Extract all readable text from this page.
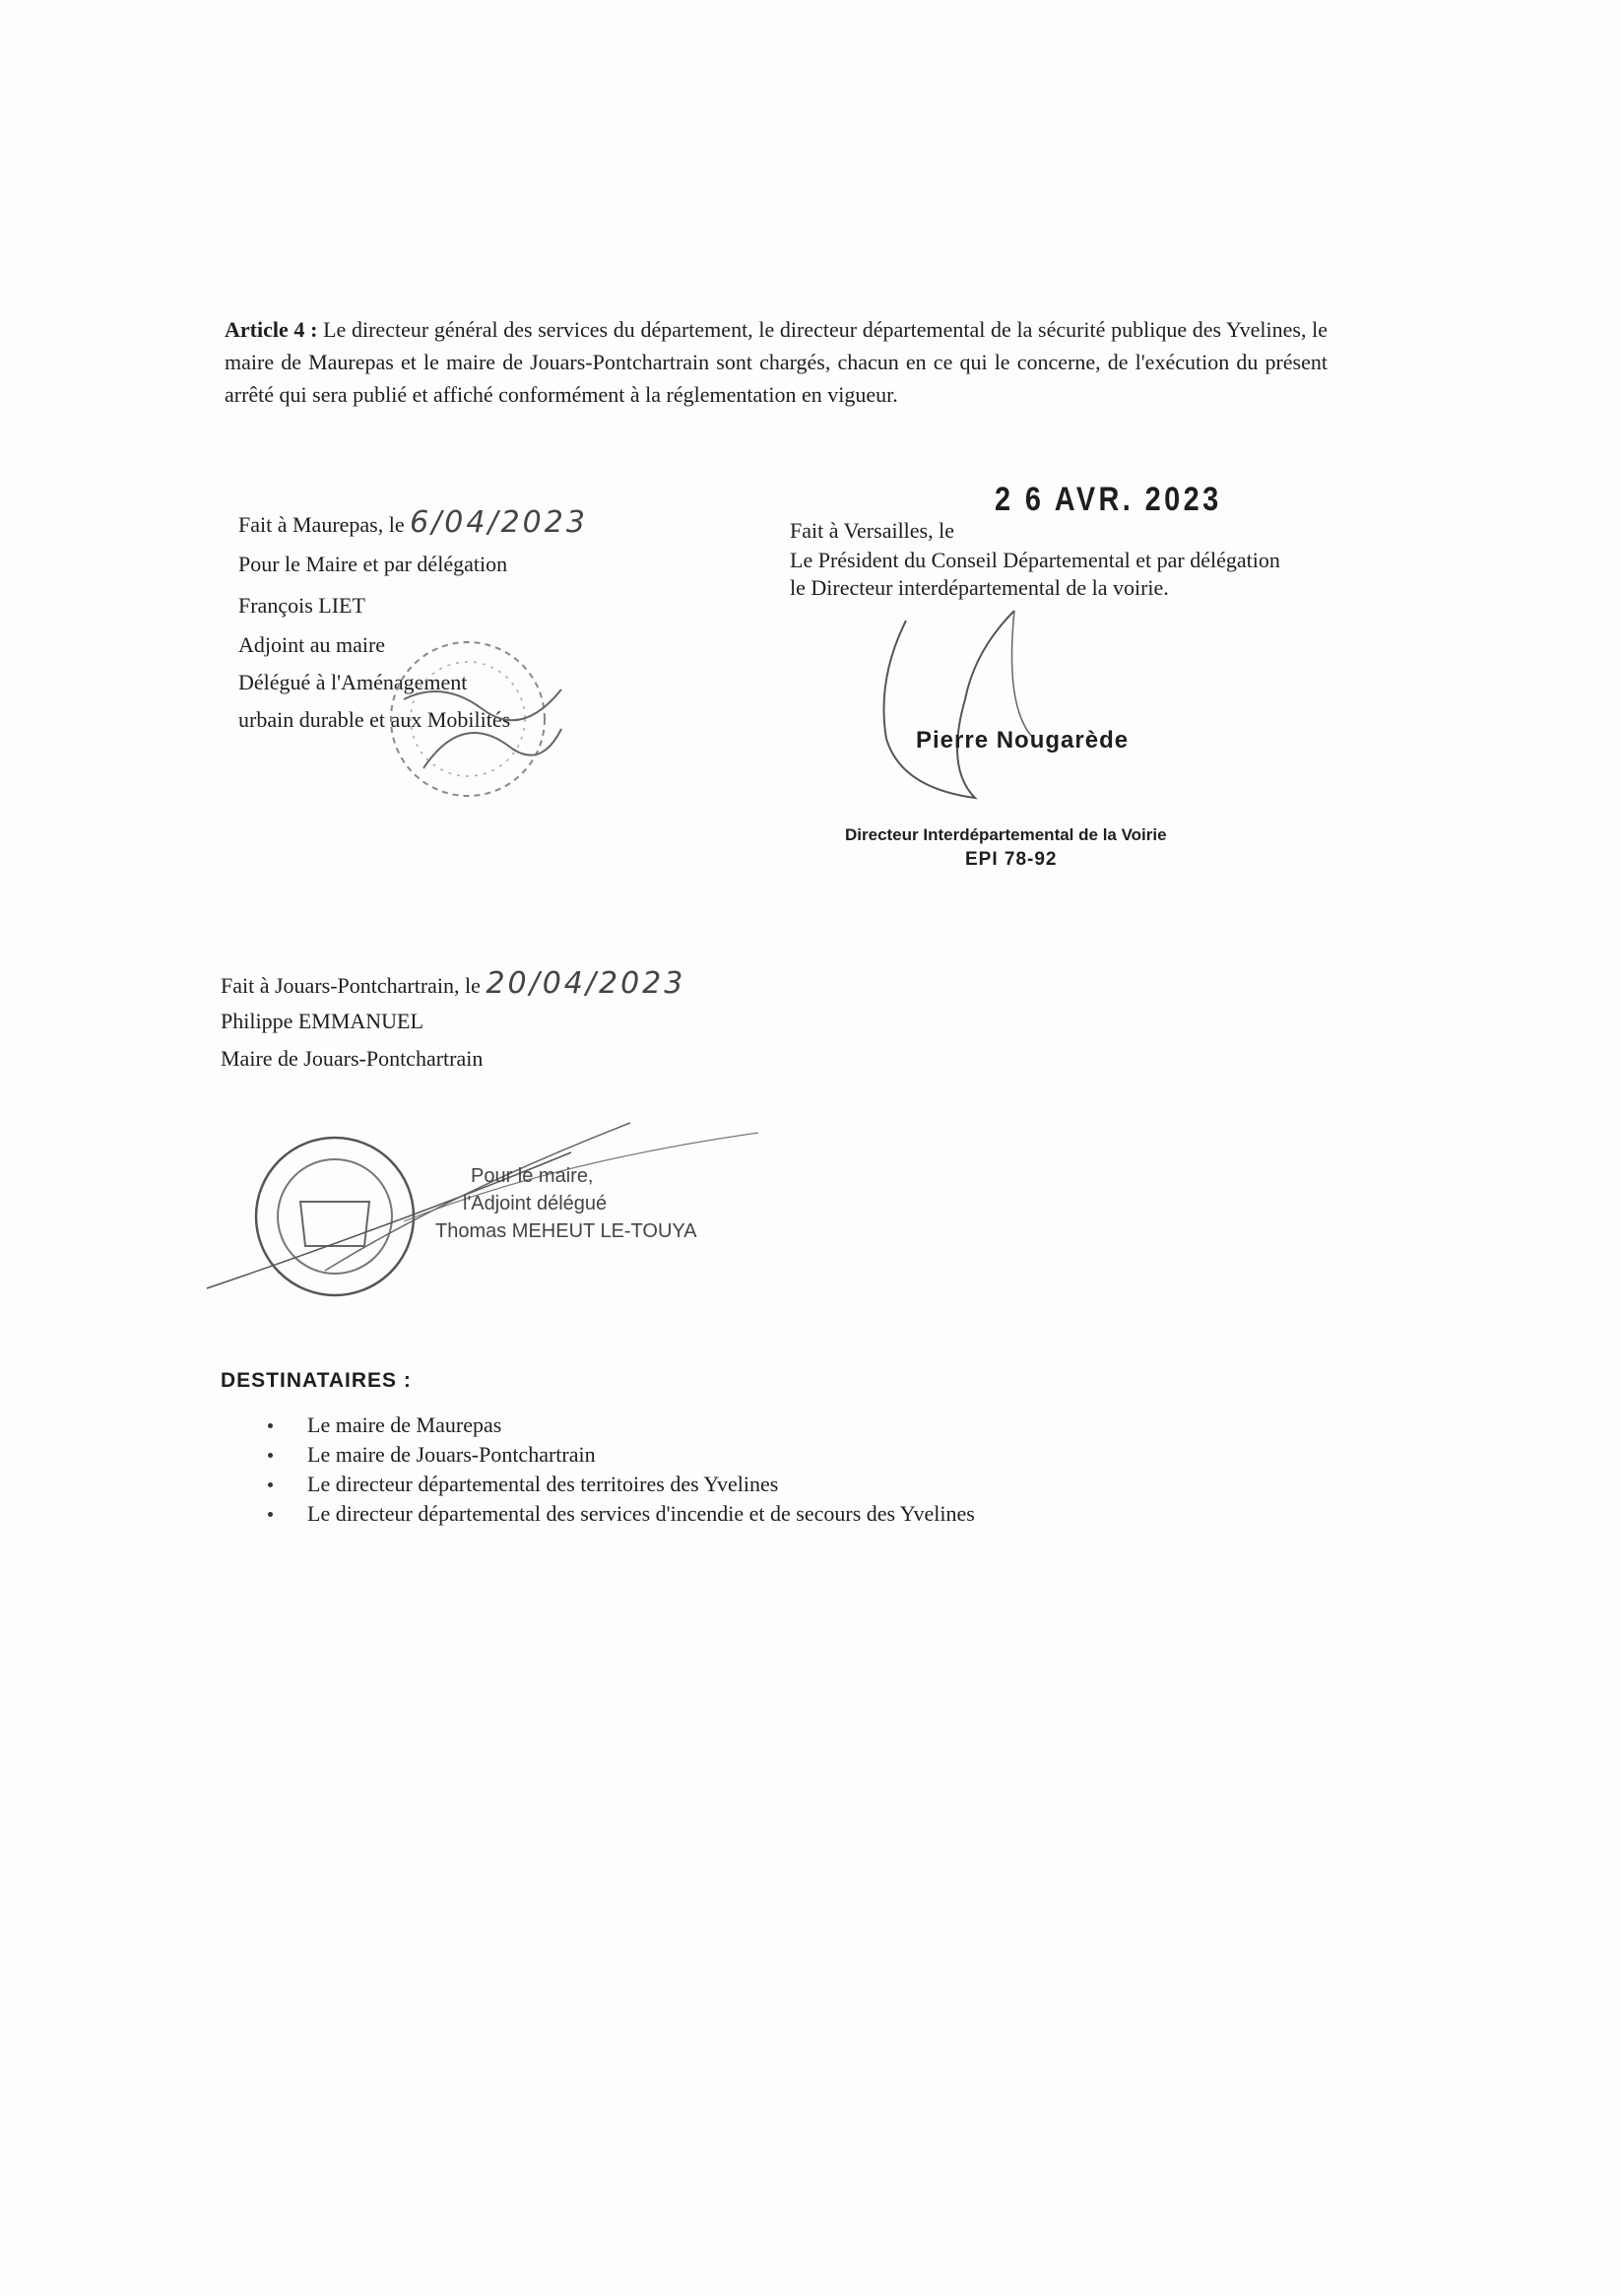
Article 4 : Le directeur général des services du département, le directeur départemental de la sécurité publique des Yvelines, le maire de Maurepas et le maire de Jouars-Pontchartrain sont chargés, chacun en ce qui le concerne, de l'exécution du présent arrêté qui sera publié et affiché conformément à la réglementation en vigueur.
Fait à Maurepas, le 6/04/2023
Pour le Maire et par délégation
François LIET
Adjoint au maire
Délégué à l'Aménagement
urbain durable et aux Mobilités
Fait à Versailles, le
2 6 AVR. 2023
Le Président du Conseil Départemental et par délégation
le Directeur interdépartemental de la voirie.
Pierre Nougarède
Directeur Interdépartemental de la Voirie
EPI 78-92
Fait à Jouars-Pontchartrain, le 20/04/2023
Philippe EMMANUEL
Maire de Jouars-Pontchartrain
Pour le maire,
l'Adjoint délégué
Thomas MEHEUT LE-TOUYA
DESTINATAIRES :
Le maire de Maurepas
Le maire de Jouars-Pontchartrain
Le directeur départemental des territoires des Yvelines
Le directeur départemental des services d'incendie et de secours des Yvelines
